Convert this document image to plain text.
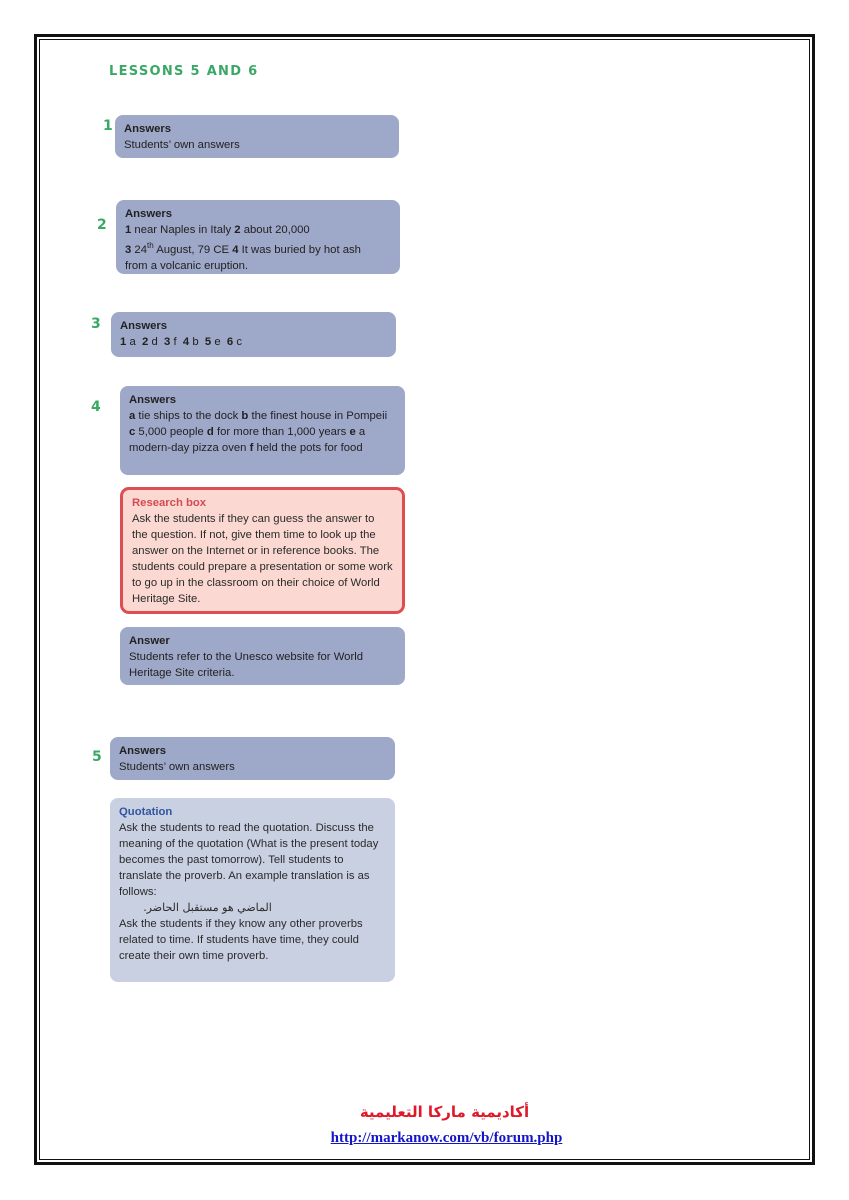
LESSONS 5 AND 6
1 Answers

Students’ own answers

2
Answers

1 near Naples in Italy 2 about 20,000

3 24th August, 79 CE 4 It was buried by hot ash

from a volcanic eruption.

3 Answers

1 a 2 d 3 f 4 b 5 e 6 c

4	Answers

a tie ships to the dock b the finest house in Pompeii c 5,000 people d for more than 1,000 years e a modern-day pizza oven f held the pots for food

Research box
Ask the students if they can guess the answer to the question. If not, give them time to look up the answer on the Internet or in reference books. The students could prepare a presentation or some work to go up in the classroom on their choice of World Heritage Site.
Answer

Students refer to the Unesco website for World Heritage Site criteria.

5 Answers

Students’ own answers

Quotation

Ask the students to read the quotation. Discuss the meaning of the quotation (What is the present today becomes the past tomorrow). Tell students to translate the proverb. An example translation is as follows:

الماضي هو مستقبل الحاضر.

Ask the students if they know any other proverbs related to time. If students have time, they could create their own time proverb.

أكاديمية ماركا التعليمية
http://markanow.com/vb/forum.php
